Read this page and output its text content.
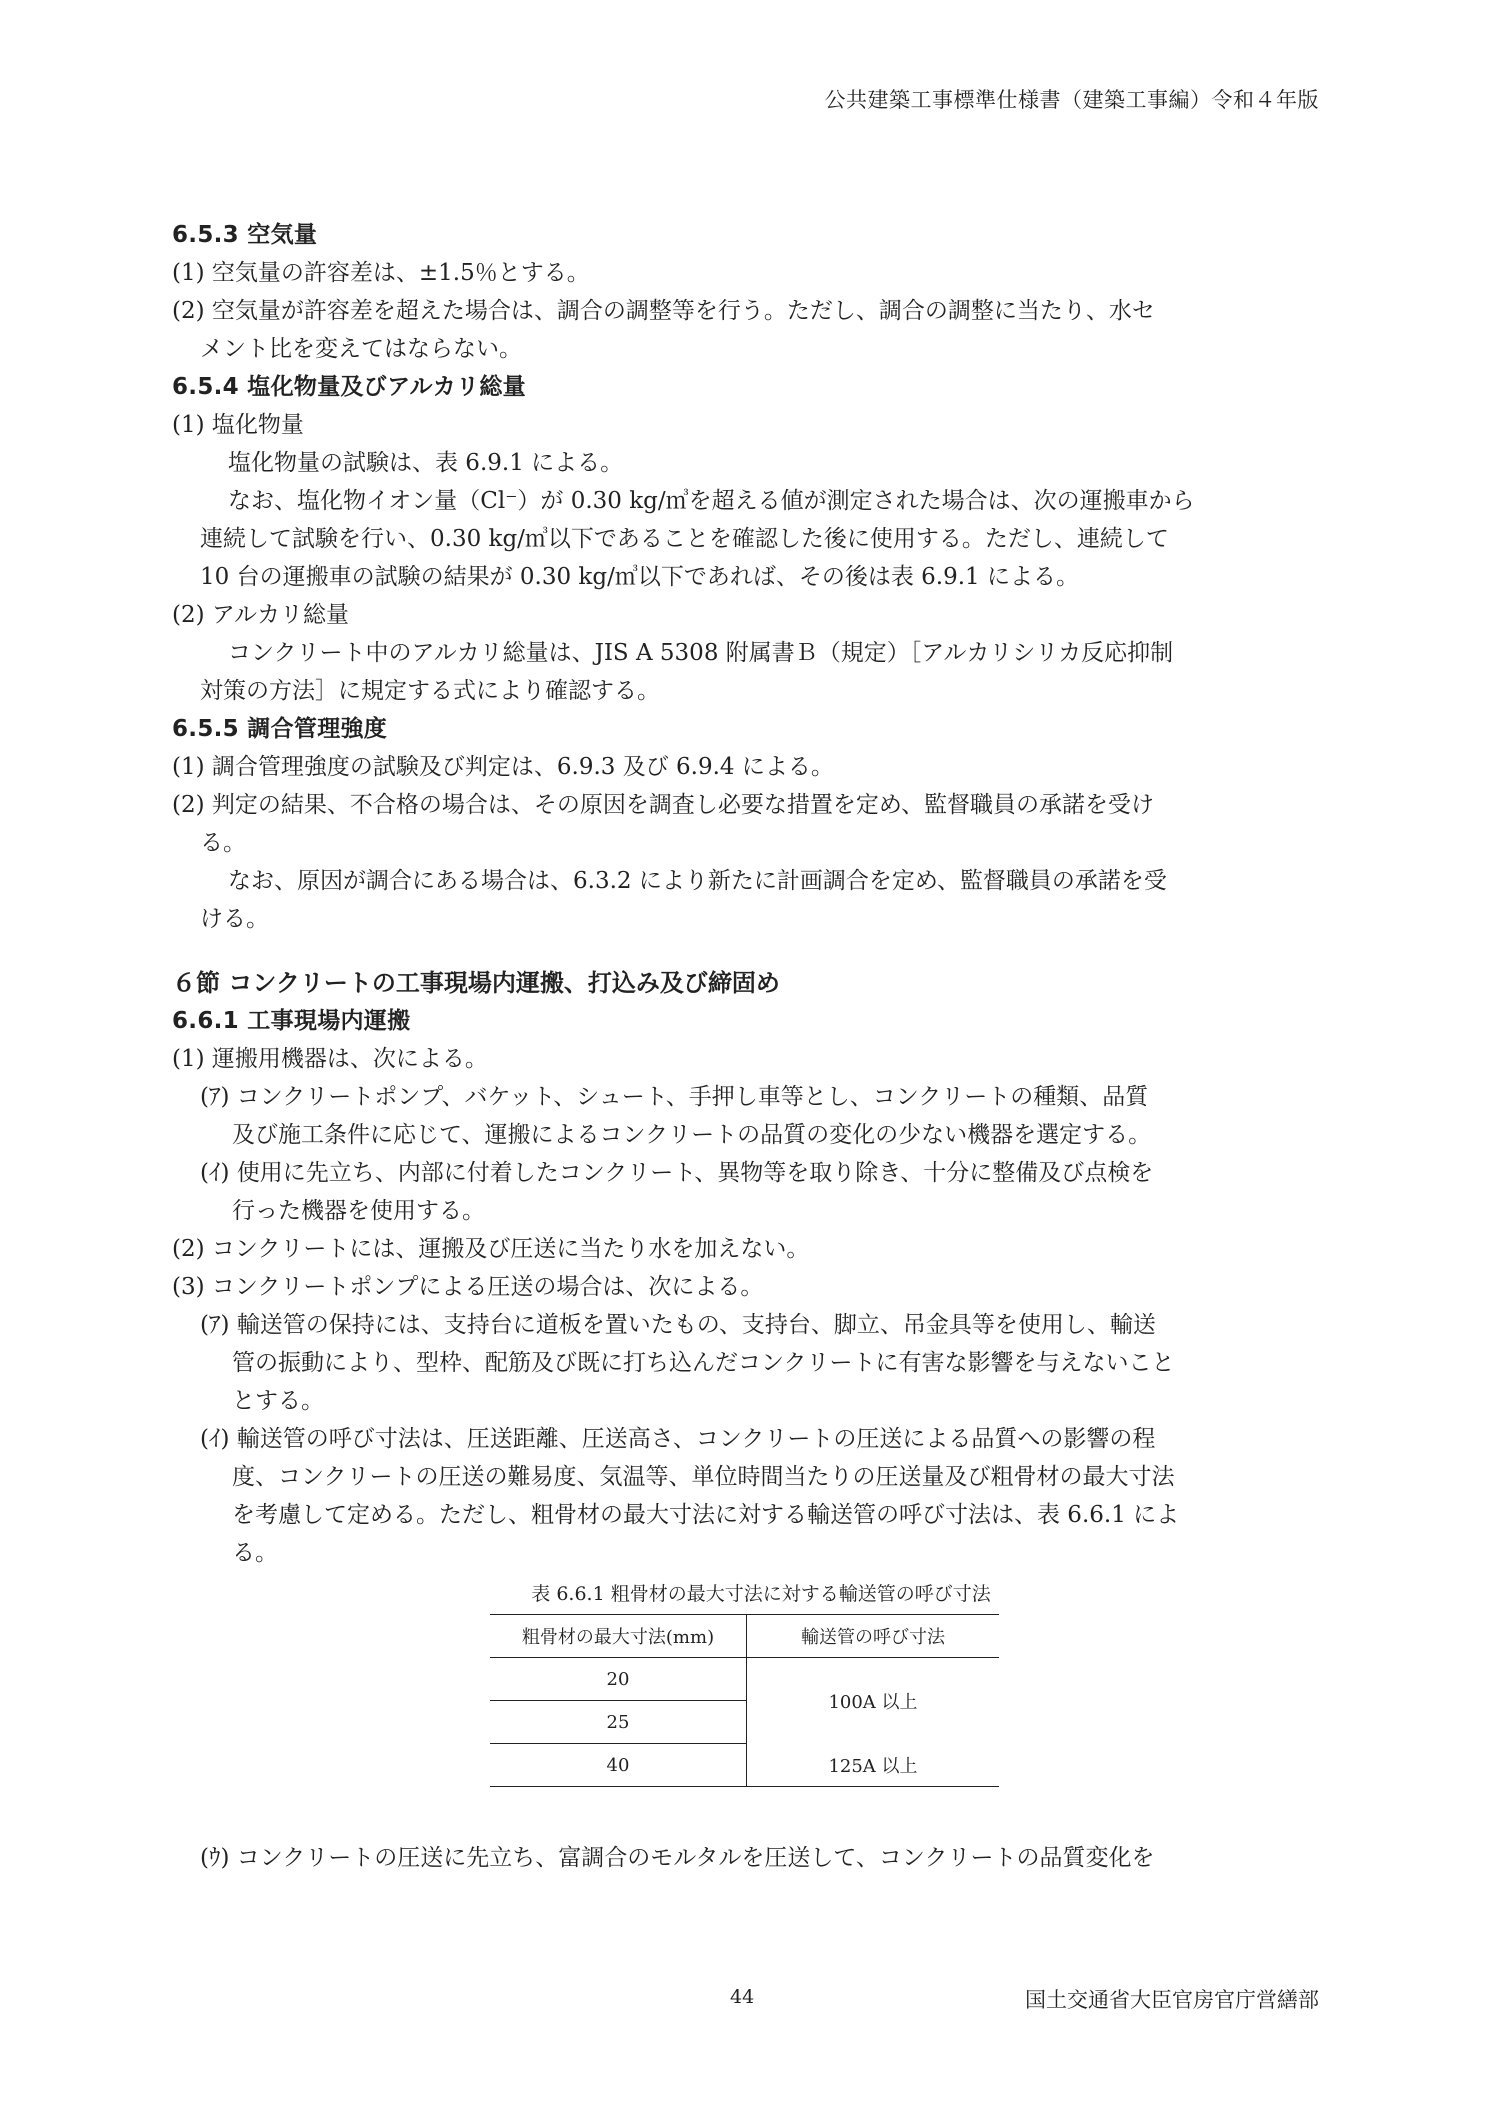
公共建築工事標準仕様書（建築工事編）令和４年版
6.5.3 空気量
(1) 空気量の許容差は、±1.5％とする。
(2) 空気量が許容差を超えた場合は、調合の調整等を行う。ただし、調合の調整に当たり、水セ
メント比を変えてはならない。
6.5.4 塩化物量及びアルカリ総量
(1) 塩化物量
塩化物量の試験は、表 6.9.1 による。
なお、塩化物イオン量（Cl⁻）が 0.30 kg/㎥を超える値が測定された場合は、次の運搬車から
連続して試験を行い、0.30 kg/㎥以下であることを確認した後に使用する。ただし、連続して
10 台の運搬車の試験の結果が 0.30 kg/㎥以下であれば、その後は表 6.9.1 による。
(2) アルカリ総量
コンクリート中のアルカリ総量は、JIS A 5308 附属書Ｂ（規定）［アルカリシリカ反応抑制
対策の方法］に規定する式により確認する。
6.5.5 調合管理強度
(1) 調合管理強度の試験及び判定は、6.9.3 及び 6.9.4 による。
(2) 判定の結果、不合格の場合は、その原因を調査し必要な措置を定め、監督職員の承諾を受け
る。
なお、原因が調合にある場合は、6.3.2 により新たに計画調合を定め、監督職員の承諾を受
ける。
６節 コンクリートの工事現場内運搬、打込み及び締固め
6.6.1 工事現場内運搬
(1) 運搬用機器は、次による。
(ｱ) コンクリートポンプ、バケット、シュート、手押し車等とし、コンクリートの種類、品質
及び施工条件に応じて、運搬によるコンクリートの品質の変化の少ない機器を選定する。
(ｲ) 使用に先立ち、内部に付着したコンクリート、異物等を取り除き、十分に整備及び点検を
行った機器を使用する。
(2) コンクリートには、運搬及び圧送に当たり水を加えない。
(3) コンクリートポンプによる圧送の場合は、次による。
(ｱ) 輸送管の保持には、支持台に道板を置いたもの、支持台、脚立、吊金具等を使用し、輸送
管の振動により、型枠、配筋及び既に打ち込んだコンクリートに有害な影響を与えないこと
とする。
(ｲ) 輸送管の呼び寸法は、圧送距離、圧送高さ、コンクリートの圧送による品質への影響の程
度、コンクリートの圧送の難易度、気温等、単位時間当たりの圧送量及び粗骨材の最大寸法
を考慮して定める。ただし、粗骨材の最大寸法に対する輸送管の呼び寸法は、表 6.6.1 によ
る。
表 6.6.1 粗骨材の最大寸法に対する輸送管の呼び寸法
粗骨材の最大寸法(mm)	輸送管の呼び寸法
20	100A 以上
25	
40	125A 以上
(ｳ) コンクリートの圧送に先立ち、富調合のモルタルを圧送して、コンクリートの品質変化を
44	国土交通省大臣官房官庁営繕部
